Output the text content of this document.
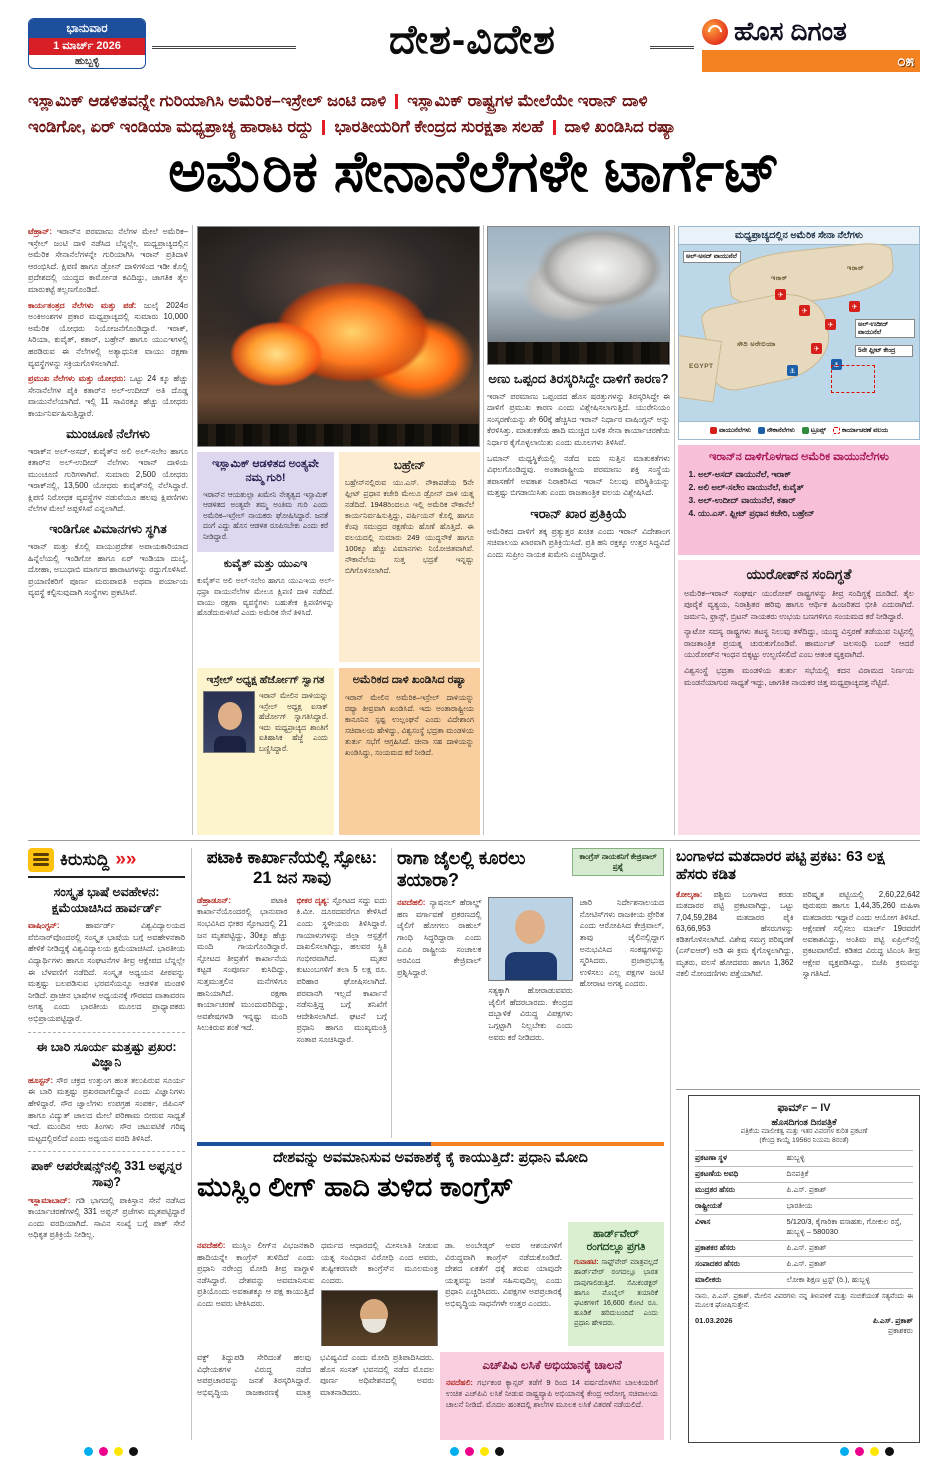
ಭಾನುವಾರ
1 ಮಾರ್ಚ್ 2026
ಹುಬ್ಬಳ್ಳಿ	ದೇಶ-ವಿದೇಶ	ಹೊಸ ದಿಗಂತ
೦೫
ಇಸ್ಲಾಮಿಕ್ ಆಡಳಿತವನ್ನೇ ಗುರಿಯಾಗಿಸಿ ಅಮೆರಿಕ–ಇಸ್ರೇಲ್ ಜಂಟಿ ದಾಳಿ ಇಸ್ಲಾಮಿಕ್ ರಾಷ್ಟ್ರಗಳ ಮೇಲೆಯೇ ಇರಾನ್ ದಾಳಿ
ಇಂಡಿಗೋ, ಏರ್ ಇಂಡಿಯಾ ಮಧ್ಯಪ್ರಾಚ್ಯ ಹಾರಾಟ ರದ್ದು ಭಾರತೀಯರಿಗೆ ಕೇಂದ್ರದ ಸುರಕ್ಷತಾ ಸಲಹೆ ದಾಳಿ ಖಂಡಿಸಿದ ರಷ್ಯಾ
ಅಮೆರಿಕ ಸೇನಾನೆಲೆಗಳೇ ಟಾರ್ಗೆಟ್

ಟೆಹ್ರಾನ್: ಇರಾನ್‌ನ ಪರಮಾಣು ನೆಲೆಗಳ ಮೇಲೆ ಅಮೆರಿಕ–ಇಸ್ರೇಲ್ ಜಂಟಿ ದಾಳಿ ನಡೆಸಿದ ಬೆನ್ನಲ್ಲೇ, ಮಧ್ಯಪ್ರಾಚ್ಯದಲ್ಲಿನ ಅಮೆರಿಕ ಸೇನಾನೆಲೆಗಳನ್ನೇ ಗುರಿಯಾಗಿಸಿ ಇರಾನ್ ಪ್ರತಿದಾಳಿ ಆರಂಭಿಸಿದೆ. ಕ್ಷಿಪಣಿ ಹಾಗೂ ಡ್ರೋನ್ ದಾಳಿಗಳಿಂದ ಇಡೀ ಕೊಲ್ಲಿ ಪ್ರದೇಶದಲ್ಲಿ ಯುದ್ಧದ ಕಾರ್ಮೋಡ ಕವಿದಿದ್ದು, ಜಾಗತಿಕ ತೈಲ ಮಾರುಕಟ್ಟೆ ತಲ್ಲಣಗೊಂಡಿದೆ.

ಕಾರ್ಯತಂತ್ರದ ನೆಲೆಗಳು ಮತ್ತು ಪಡೆ: ಜುಲೈ 2024ರ ಅಂಕಿಅಂಶಗಳ ಪ್ರಕಾರ ಮಧ್ಯಪ್ರಾಚ್ಯದಲ್ಲಿ ಸುಮಾರು 10,000 ಅಮೆರಿಕ ಯೋಧರು ನಿಯೋಜನೆಗೊಂಡಿದ್ದಾರೆ. ಇರಾಕ್, ಸಿರಿಯಾ, ಕುವೈತ್, ಕತಾರ್, ಬಹ್ರೇನ್ ಹಾಗೂ ಯುಎಇಗಳಲ್ಲಿ ಹರಡಿರುವ ಈ ನೆಲೆಗಳಲ್ಲಿ ಅತ್ಯಾಧುನಿಕ ವಾಯು ರಕ್ಷಣಾ ವ್ಯವಸ್ಥೆಗಳನ್ನು ಸಕ್ರಿಯಗೊಳಿಸಲಾಗಿದೆ.

ಪ್ರಮುಖ ನೆಲೆಗಳು ಮತ್ತು ಯೋಧರು: ಒಟ್ಟು 24 ಕ್ಕೂ ಹೆಚ್ಚು ಸೇನಾನೆಲೆಗಳ ಪೈಕಿ ಕತಾರ್‌ನ ಅಲ್-ಉದೀದ್ ಅತಿ ದೊಡ್ಡ ವಾಯುನೆಲೆಯಾಗಿದೆ. ಇಲ್ಲಿ 11 ಸಾವಿರಕ್ಕೂ ಹೆಚ್ಚು ಯೋಧರು ಕಾರ್ಯನಿರ್ವಹಿಸುತ್ತಿದ್ದಾರೆ.

ಮುಂಚೂಣಿ ನೆಲೆಗಳು

ಇರಾಕ್‌ನ ಅಲ್-ಅಸದ್, ಕುವೈತ್‌ನ ಅಲಿ ಅಲ್-ಸಲೇಂ ಹಾಗೂ ಕತಾರ್‌ನ ಅಲ್-ಉದೀದ್ ನೆಲೆಗಳು ಇರಾನ್ ದಾಳಿಯ ಮುಂಚೂಣಿ ಗುರಿಗಳಾಗಿವೆ. ಸುಮಾರು 2,500 ಯೋಧರು ಇರಾಕ್‌ನಲ್ಲಿ, 13,500 ಯೋಧರು ಕುವೈತ್‌ನಲ್ಲಿ ನೆಲೆಸಿದ್ದಾರೆ. ಕ್ಷಿಪಣಿ ನಿರೋಧಕ ವ್ಯವಸ್ಥೆಗಳ ನಡುವೆಯೂ ಹಲವು ಕ್ಷಿಪಣಿಗಳು ನೆಲೆಗಳ ಮೇಲೆ ಅಪ್ಪಳಿಸಿವೆ ಎನ್ನಲಾಗಿದೆ.

ಇಂಡಿಗೋ ವಿಮಾನಗಳು ಸ್ಥಗಿತ

ಇರಾನ್ ಮತ್ತು ಕೊಲ್ಲಿ ವಾಯುಪ್ರದೇಶ ಅಪಾಯಕಾರಿಯಾದ ಹಿನ್ನೆಲೆಯಲ್ಲಿ ಇಂಡಿಗೋ ಹಾಗೂ ಏರ್ ಇಂಡಿಯಾ ದುಬೈ, ದೋಹಾ, ಅಬುಧಾಬಿ ಮಾರ್ಗದ ಹಾರಾಟಗಳನ್ನು ರದ್ದುಗೊಳಿಸಿವೆ. ಪ್ರಯಾಣಿಕರಿಗೆ ಪೂರ್ಣ ಮರುಪಾವತಿ ಅಥವಾ ಪರ್ಯಾಯ ವ್ಯವಸ್ಥೆ ಕಲ್ಪಿಸುವುದಾಗಿ ಸಂಸ್ಥೆಗಳು ಪ್ರಕಟಿಸಿವೆ.

ಇಸ್ಲಾಮಿಕ್ ಆಡಳಿತದ ಅಂತ್ಯವೇ ನಮ್ಮ ಗುರಿ!
ಇರಾನ್‌ನ ಆಯತುಲ್ಲಾ ಖಮೇನಿ ನೇತೃತ್ವದ ಇಸ್ಲಾಮಿಕ್ ಆಡಳಿತದ ಅಂತ್ಯವೇ ತಮ್ಮ ಅಂತಿಮ ಗುರಿ ಎಂದು ಅಮೆರಿಕ–ಇಸ್ರೇಲ್ ನಾಯಕರು ಘೋಷಿಸಿದ್ದಾರೆ. ಜನತೆ ದಂಗೆ ಎದ್ದು ಹೊಸ ಆಡಳಿತ ರೂಪಿಸಬೇಕು ಎಂದು ಕರೆ ನೀಡಿದ್ದಾರೆ.
ಕುವೈತ್ ಮತ್ತು ಯುಎಇ
ಕುವೈತ್‌ನ ಅಲಿ ಅಲ್-ಸಲೇಂ ಹಾಗೂ ಯುಎಇಯ ಅಲ್-ಧಫ್ರಾ ವಾಯುನೆಲೆಗಳ ಮೇಲೂ ಕ್ಷಿಪಣಿ ದಾಳಿ ನಡೆದಿದೆ. ವಾಯು ರಕ್ಷಣಾ ವ್ಯವಸ್ಥೆಗಳು ಬಹುತೇಕ ಕ್ಷಿಪಣಿಗಳನ್ನು ಹೊಡೆದುರುಳಿಸಿವೆ ಎಂದು ಅಮೆರಿಕ ಸೇನೆ ತಿಳಿಸಿದೆ.
ಬಹ್ರೇನ್
ಬಹ್ರೇನ್‌ನಲ್ಲಿರುವ ಯು.ಎಸ್. ನೌಕಾಪಡೆಯ 5ನೇ ಫ್ಲೀಟ್ ಪ್ರಧಾನ ಕಚೇರಿ ಮೇಲೂ ಡ್ರೋನ್ ದಾಳಿ ಯತ್ನ ನಡೆದಿದೆ. 1948ರಿಂದಲೂ ಇಲ್ಲಿ ಅಮೆರಿಕ ನೌಕಾನೆಲೆ ಕಾರ್ಯನಿರ್ವಹಿಸುತ್ತಿದ್ದು, ಪರ್ಷಿಯನ್ ಕೊಲ್ಲಿ ಹಾಗೂ ಕೆಂಪು ಸಮುದ್ರದ ರಕ್ಷಣೆಯ ಹೊಣೆ ಹೊತ್ತಿದೆ. ಈ ವಲಯದಲ್ಲಿ ಸುಮಾರು 249 ಯುದ್ಧನೌಕೆ ಹಾಗೂ 100ಕ್ಕೂ ಹೆಚ್ಚು ವಿಮಾನಗಳು ನಿಯೋಜಿತವಾಗಿವೆ. ನೌಕಾನೆಲೆಯ ಸುತ್ತ ಭದ್ರತೆ ಇನ್ನಷ್ಟು ಬಿಗಿಗೊಳಿಸಲಾಗಿದೆ.
ಇಸ್ರೇಲ್ ಅಧ್ಯಕ್ಷ ಹೆರ್ಜೋಗ್ ಸ್ವಾಗತ
ಇರಾನ್ ಮೇಲಿನ ದಾಳಿಯನ್ನು ಇಸ್ರೇಲ್ ಅಧ್ಯಕ್ಷ ಐಸಾಕ್ ಹೆರ್ಜೋಗ್ ಸ್ವಾಗತಿಸಿದ್ದಾರೆ. ಇದು ಮಧ್ಯಪ್ರಾಚ್ಯದ ಶಾಂತಿಗೆ ಐತಿಹಾಸಿಕ ಹೆಜ್ಜೆ ಎಂದು ಬಣ್ಣಿಸಿದ್ದಾರೆ.
ಅಮೆರಿಕದ ದಾಳಿ ಖಂಡಿಸಿದ ರಷ್ಯಾ
ಇರಾನ್ ಮೇಲಿನ ಅಮೆರಿಕ–ಇಸ್ರೇಲ್ ದಾಳಿಯನ್ನು ರಷ್ಯಾ ತೀವ್ರವಾಗಿ ಖಂಡಿಸಿದೆ. ಇದು ಅಂತಾರಾಷ್ಟ್ರೀಯ ಕಾನೂನಿನ ಸ್ಪಷ್ಟ ಉಲ್ಲಂಘನೆ ಎಂದು ವಿದೇಶಾಂಗ ಸಚಿವಾಲಯ ಹೇಳಿದ್ದು, ವಿಶ್ವಸಂಸ್ಥೆ ಭದ್ರತಾ ಮಂಡಳಿಯ ತುರ್ತು ಸಭೆಗೆ ಆಗ್ರಹಿಸಿದೆ. ಚೀನಾ ಸಹ ದಾಳಿಯನ್ನು ಖಂಡಿಸಿದ್ದು, ಸಂಯಮದ ಕರೆ ನೀಡಿದೆ.
ಅಣು ಒಪ್ಪಂದ ತಿರಸ್ಕರಿಸಿದ್ದೇ ದಾಳಿಗೆ ಕಾರಣ?

ಇರಾನ್ ಪರಮಾಣು ಒಪ್ಪಂದದ ಹೊಸ ಷರತ್ತುಗಳನ್ನು ತಿರಸ್ಕರಿಸಿದ್ದೇ ಈ ದಾಳಿಗೆ ಪ್ರಮುಖ ಕಾರಣ ಎಂದು ವಿಶ್ಲೇಷಿಸಲಾಗುತ್ತಿದೆ. ಯುರೇನಿಯಂ ಸಂಸ್ಕರಣೆಯನ್ನು ಶೇ 60ಕ್ಕೆ ಹೆಚ್ಚಿಸಿದ ಇರಾನ್ ನಿರ್ಧಾರ ವಾಷಿಂಗ್ಟನ್ ಅನ್ನು ಕೆರಳಿಸಿತ್ತು. ಮಾತುಕತೆಯ ಹಾದಿ ಮುಚ್ಚಿದ ಬಳಿಕ ಸೇನಾ ಕಾರ್ಯಾಚರಣೆಯ ನಿರ್ಧಾರ ಕೈಗೊಳ್ಳಲಾಯಿತು ಎಂದು ಮೂಲಗಳು ತಿಳಿಸಿವೆ.

ಒಮಾನ್ ಮಧ್ಯಸ್ಥಿಕೆಯಲ್ಲಿ ನಡೆದ ಐದು ಸುತ್ತಿನ ಮಾತುಕತೆಗಳು ವಿಫಲಗೊಂಡಿದ್ದವು. ಅಂತಾರಾಷ್ಟ್ರೀಯ ಪರಮಾಣು ಶಕ್ತಿ ಸಂಸ್ಥೆಯ ತಪಾಸಣೆಗೆ ಅವಕಾಶ ನಿರಾಕರಿಸಿದ ಇರಾನ್ ನಿಲುವು ಪರಿಸ್ಥಿತಿಯನ್ನು ಮತ್ತಷ್ಟು ಬಿಗಡಾಯಿಸಿತು ಎಂದು ರಾಜತಾಂತ್ರಿಕ ವಲಯ ವಿಶ್ಲೇಷಿಸಿದೆ.

ಇರಾನ್ ಖಾರ ಪ್ರತಿಕ್ರಿಯೆ

ಅಮೆರಿಕದ ದಾಳಿಗೆ ತಕ್ಕ ಪ್ರತ್ಯುತ್ತರ ಖಚಿತ ಎಂದು ಇರಾನ್ ವಿದೇಶಾಂಗ ಸಚಿವಾಲಯ ಖಾರವಾಗಿ ಪ್ರತಿಕ್ರಿಯಿಸಿದೆ. ಪ್ರತಿ ಹನಿ ರಕ್ತಕ್ಕೂ ಉತ್ತರ ಸಿದ್ಧವಿದೆ ಎಂದು ಸುಪ್ರೀಂ ನಾಯಕ ಖಮೇನಿ ಎಚ್ಚರಿಸಿದ್ದಾರೆ.

ಮಧ್ಯಪ್ರಾಚ್ಯದಲ್ಲಿನ ಅಮೆರಿಕ ಸೇನಾ ನೆಲೆಗಳು
EGYPT
ಸೌದಿ ಅರೇಬಿಯಾ
ಇರಾಕ್
ಇರಾನ್
✈
✈
✈
✈
✈
⚓
⚓
ಅಲ್-ಅಸದ್ ವಾಯುನೆಲೆ
ಅಲ್-ಉದೀದ್ ವಾಯುನೆಲೆ
5ನೇ ಫ್ಲೀಟ್ ಕೇಂದ್ರ
ವಾಯುನೆಲೆಗಳು	ನೌಕಾನೆಲೆಗಳು	ಟ್ರೂಪ್ಸ್	ಕಾರ್ಯಾಚರಣೆ ವಲಯ
ಇರಾನ್‌ನ ದಾಳಿಗೊಳಗಾದ ಅಮೆರಿಕ ವಾಯುನೆಲೆಗಳು
1. ಅಲ್-ಅಸದ್ ವಾಯುನೆಲೆ, ಇರಾಕ್
2. ಅಲಿ ಅಲ್-ಸಲೇಂ ವಾಯುನೆಲೆ, ಕುವೈತ್
3. ಅಲ್-ಉದೀದ್ ವಾಯುನೆಲೆ, ಕತಾರ್
4. ಯು.ಎಸ್. ಫ್ಲೀಟ್ ಪ್ರಧಾನ ಕಚೇರಿ, ಬಹ್ರೇನ್
ಯುರೋಪ್‌ನ ಸಂದಿಗ್ಧತೆ

ಅಮೆರಿಕ–ಇರಾನ್ ಸಂಘರ್ಷ ಯುರೋಪ್ ರಾಷ್ಟ್ರಗಳನ್ನು ತೀವ್ರ ಸಂದಿಗ್ಧಕ್ಕೆ ದೂಡಿದೆ. ತೈಲ ಪೂರೈಕೆ ವ್ಯತ್ಯಯ, ನಿರಾಶ್ರಿತರ ಹರಿವು ಹಾಗೂ ಆರ್ಥಿಕ ಹಿಂಜರಿತದ ಭೀತಿ ಎದುರಾಗಿದೆ. ಜರ್ಮನಿ, ಫ್ರಾನ್ಸ್, ಬ್ರಿಟನ್ ನಾಯಕರು ಉಭಯ ಬಣಗಳಿಗೂ ಸಂಯಮದ ಕರೆ ನೀಡಿದ್ದಾರೆ.

ನ್ಯಾಟೋ ಸದಸ್ಯ ರಾಷ್ಟ್ರಗಳು ತಟಸ್ಥ ನಿಲುವು ತಳೆದಿದ್ದು, ಯುದ್ಧ ವಿಸ್ತರಣೆ ತಡೆಯುವ ನಿಟ್ಟಿನಲ್ಲಿ ರಾಜತಾಂತ್ರಿಕ ಪ್ರಯತ್ನ ಚುರುಕುಗೊಂಡಿವೆ. ಹಾರ್ಮುಜ್ ಜಲಸಂಧಿ ಬಂದ್ ಆದರೆ ಯುರೋಪ್‌ನ ಇಂಧನ ಬಿಕ್ಕಟ್ಟು ಉಲ್ಬಣಿಸಲಿದೆ ಎಂಬ ಆತಂಕ ವ್ಯಕ್ತವಾಗಿದೆ.

ವಿಶ್ವಸಂಸ್ಥೆ ಭದ್ರತಾ ಮಂಡಳಿಯ ತುರ್ತು ಸಭೆಯಲ್ಲಿ ಕದನ ವಿರಾಮದ ನಿರ್ಣಯ ಮಂಡನೆಯಾಗುವ ಸಾಧ್ಯತೆ ಇದ್ದು, ಜಾಗತಿಕ ನಾಯಕರ ಚಿತ್ತ ಮಧ್ಯಪ್ರಾಚ್ಯದತ್ತ ನೆಟ್ಟಿದೆ.

ಕಿರುಸುದ್ದಿ
»»
ಸಂಸ್ಕೃತ ಭಾಷೆ ಅವಹೇಳನ: ಕ್ಷಮೆಯಾಚಿಸಿದ ಹಾರ್ವರ್ಡ್

ವಾಷಿಂಗ್ಟನ್:	ಹಾರ್ವರ್ಡ್ ವಿಶ್ವವಿದ್ಯಾಲಯದ ವೆಬಿನಾರ್‌ವೊಂದರಲ್ಲಿ ಸಂಸ್ಕೃತ ಭಾಷೆಯ ಬಗ್ಗೆ ಅವಹೇಳನಕಾರಿ ಹೇಳಿಕೆ ನೀಡಿದ್ದಕ್ಕೆ ವಿಶ್ವವಿದ್ಯಾಲಯ ಕ್ಷಮೆಯಾಚಿಸಿದೆ. ಭಾರತೀಯ ವಿದ್ಯಾರ್ಥಿಗಳು ಹಾಗೂ ಸಂಘಟನೆಗಳ ತೀವ್ರ ಆಕ್ಷೇಪದ ಬೆನ್ನಲ್ಲೇ ಈ ಬೆಳವಣಿಗೆ ನಡೆದಿದೆ. ಸಂಸ್ಕೃತ ಅಧ್ಯಯನ ಪೀಠವನ್ನು ಮತ್ತಷ್ಟು ಬಲಪಡಿಸುವ ಭರವಸೆಯನ್ನೂ ಆಡಳಿತ ಮಂಡಳಿ ನೀಡಿದೆ. ಪ್ರಾಚೀನ ಭಾಷೆಗಳ ಅಧ್ಯಯನಕ್ಕೆ ಗೌರವದ ವಾತಾವರಣ ಅಗತ್ಯ ಎಂದು ಭಾರತೀಯ ಮೂಲದ ಪ್ರಾಧ್ಯಾಪಕರು ಅಭಿಪ್ರಾಯಪಟ್ಟಿದ್ದಾರೆ.

ಈ ಬಾರಿ ಸೂರ್ಯ ಮತ್ತಷ್ಟು ಪ್ರಖರ: ವಿಜ್ಞಾನಿ

ಹೂಸ್ಟನ್: ಸೌರ ಚಕ್ರದ ಉತ್ತುಂಗ ಹಂತ ತಲುಪಿರುವ ಸೂರ್ಯ ಈ ಬಾರಿ ಮತ್ತಷ್ಟು ಪ್ರಖರವಾಗಲಿದ್ದಾನೆ ಎಂದು ವಿಜ್ಞಾನಿಗಳು ಹೇಳಿದ್ದಾರೆ. ಸೌರ ಜ್ವಾಲೆಗಳು ಉಪಗ್ರಹ ಸಂಪರ್ಕ, ಜಿಪಿಎಸ್ ಹಾಗೂ ವಿದ್ಯುತ್ ಜಾಲದ ಮೇಲೆ ಪರಿಣಾಮ ಬೀರುವ ಸಾಧ್ಯತೆ ಇದೆ. ಮುಂದಿನ ಆರು ತಿಂಗಳು ಸೌರ ಚಟುವಟಿಕೆ ಗರಿಷ್ಠ ಮಟ್ಟದಲ್ಲಿರಲಿದೆ ಎಂದು ಅಧ್ಯಯನ ವರದಿ ತಿಳಿಸಿದೆ.

ಪಾಕ್ ಆಪರೇಷನ್ಸ್‌ನಲ್ಲಿ 331 ಅಫ್ಘನ್ನರ ಸಾವು?

ಇಸ್ಲಾಮಾಬಾದ್: ಗಡಿ ಭಾಗದಲ್ಲಿ ಪಾಕಿಸ್ತಾನ ಸೇನೆ ನಡೆಸಿದ ಕಾರ್ಯಾಚರಣೆಗಳಲ್ಲಿ 331 ಅಫ್ಘನ್ ಪ್ರಜೆಗಳು ಮೃತಪಟ್ಟಿದ್ದಾರೆ ಎಂದು ವರದಿಯಾಗಿದೆ. ಸಾವಿನ ಸಂಖ್ಯೆ ಬಗ್ಗೆ ಪಾಕ್ ಸೇನೆ ಅಧಿಕೃತ ಪ್ರತಿಕ್ರಿಯೆ ನೀಡಿಲ್ಲ.

ಪಟಾಕಿ ಕಾರ್ಖಾನೆಯಲ್ಲಿ ಸ್ಫೋಟ: 21 ಜನ ಸಾವು

ಡೆಹ್ರಾಡೂನ್:	ಪಟಾಕಿ ಕಾರ್ಖಾನೆಯೊಂದರಲ್ಲಿ ಭಾನುವಾರ ಸಂಭವಿಸಿದ ಭೀಕರ ಸ್ಫೋಟದಲ್ಲಿ 21 ಜನ ಮೃತಪಟ್ಟಿದ್ದು, 30ಕ್ಕೂ ಹೆಚ್ಚು ಮಂದಿ ಗಾಯಗೊಂಡಿದ್ದಾರೆ. ಸ್ಫೋಟದ ತೀವ್ರತೆಗೆ ಕಾರ್ಖಾನೆಯ ಕಟ್ಟಡ ಸಂಪೂರ್ಣ ಕುಸಿದಿದ್ದು, ಸುತ್ತಮುತ್ತಲಿನ ಮನೆಗಳಿಗೂ ಹಾನಿಯಾಗಿದೆ. ರಕ್ಷಣಾ ಕಾರ್ಯಾಚರಣೆ ಮುಂದುವರಿದಿದ್ದು, ಅವಶೇಷಗಳಡಿ ಇನ್ನಷ್ಟು ಮಂದಿ ಸಿಲುಕಿರುವ ಶಂಕೆ ಇದೆ.

ಭೀಕರ ದೃಶ್ಯ: ಸ್ಫೋಟದ ಸದ್ದು ಐದು ಕಿ.ಮೀ. ದೂರದವರೆಗೂ ಕೇಳಿಸಿದೆ ಎಂದು ಸ್ಥಳೀಯರು ತಿಳಿಸಿದ್ದಾರೆ. ಗಾಯಾಳುಗಳನ್ನು ಜಿಲ್ಲಾ ಆಸ್ಪತ್ರೆಗೆ ದಾಖಲಿಸಲಾಗಿದ್ದು, ಹಲವರ ಸ್ಥಿತಿ ಗಂಭೀರವಾಗಿದೆ. ಮೃತರ ಕುಟುಂಬಗಳಿಗೆ ತಲಾ 5 ಲಕ್ಷ ರೂ. ಪರಿಹಾರ ಘೋಷಿಸಲಾಗಿದೆ. ಪರವಾನಗಿ ಇಲ್ಲದೆ ಕಾರ್ಖಾನೆ ನಡೆಸುತ್ತಿದ್ದ ಬಗ್ಗೆ ತನಿಖೆಗೆ ಆದೇಶಿಸಲಾಗಿದೆ. ಘಟನೆ ಬಗ್ಗೆ ಪ್ರಧಾನಿ ಹಾಗೂ ಮುಖ್ಯಮಂತ್ರಿ ಸಂತಾಪ ಸೂಚಿಸಿದ್ದಾರೆ.

ರಾಗಾ ಜೈಲಲ್ಲಿ ಕೂರಲು ತಯಾರಾ?
ಕಾಂಗ್ರೆಸ್ ನಾಯಕನಿಗೆ ಕೇಜ್ರಿವಾಲ್ ಪ್ರಶ್ನೆ

ನವದೆಹಲಿ: ನ್ಯಾಷನಲ್ ಹೆರಾಲ್ಡ್ ಹಣ ವರ್ಗಾವಣೆ ಪ್ರಕರಣದಲ್ಲಿ ಜೈಲಿಗೆ ಹೋಗಲು ರಾಹುಲ್ ಗಾಂಧಿ ಸಿದ್ಧರಿದ್ದಾರಾ ಎಂದು ಎಎಪಿ ರಾಷ್ಟ್ರೀಯ ಸಂಚಾಲಕ ಅರವಿಂದ ಕೇಜ್ರಿವಾಲ್ ಪ್ರಶ್ನಿಸಿದ್ದಾರೆ.

ಸತ್ಯಕ್ಕಾಗಿ ಹೋರಾಡುವವರು ಜೈಲಿಗೆ ಹೆದರಬಾರದು. ಕೇಂದ್ರದ ದಬ್ಬಾಳಿಕೆ ವಿರುದ್ಧ ವಿಪಕ್ಷಗಳು ಒಗ್ಗಟ್ಟಾಗಿ ನಿಲ್ಲಬೇಕು ಎಂದು ಅವರು ಕರೆ ನೀಡಿದರು.

ಜಾರಿ ನಿರ್ದೇಶನಾಲಯದ ನೋಟಿಸ್‌ಗಳು ರಾಜಕೀಯ ಪ್ರೇರಿತ ಎಂದು ಆರೋಪಿಸಿದ ಕೇಜ್ರಿವಾಲ್, ತಾವು ಜೈಲಿನಲ್ಲಿದ್ದಾಗ ಅನುಭವಿಸಿದ ಸಂಕಷ್ಟಗಳನ್ನು ಸ್ಮರಿಸಿದರು. ಪ್ರಜಾಪ್ರಭುತ್ವ ಉಳಿಸಲು ಎಲ್ಲ ಪಕ್ಷಗಳ ಜಂಟಿ ಹೋರಾಟ ಅಗತ್ಯ ಎಂದರು.

ಬಂಗಾಳದ ಮತದಾರರ ಪಟ್ಟಿ ಪ್ರಕಟ: 63 ಲಕ್ಷ ಹೆಸರು ಕಡಿತ

ಕೋಲ್ಕತಾ: ಪಶ್ಚಿಮ ಬಂಗಾಳದ ಕರಡು ಮತದಾರರ ಪಟ್ಟಿ ಪ್ರಕಟವಾಗಿದ್ದು, ಒಟ್ಟು 7,04,59,284 ಮತದಾರರ ಪೈಕಿ 63,66,953 ಹೆಸರುಗಳನ್ನು ಕಡಿತಗೊಳಿಸಲಾಗಿದೆ. ವಿಶೇಷ ಸಮಗ್ರ ಪರಿಷ್ಕರಣೆ (ಎಸ್‌ಐಆರ್) ಅಡಿ ಈ ಕ್ರಮ ಕೈಗೊಳ್ಳಲಾಗಿದ್ದು, ಮೃತರು, ವಲಸೆ ಹೋದವರು ಹಾಗೂ 1,362 ನಕಲಿ ನೋಂದಣಿಗಳು ಪತ್ತೆಯಾಗಿವೆ.

ಪರಿಷ್ಕೃತ ಪಟ್ಟಿಯಲ್ಲಿ 2,60,22,642 ಪುರುಷರು ಹಾಗೂ 1,44,35,260 ಮಹಿಳಾ ಮತದಾರರು ಇದ್ದಾರೆ ಎಂದು ಆಯೋಗ ತಿಳಿಸಿದೆ. ಆಕ್ಷೇಪಣೆ ಸಲ್ಲಿಸಲು ಮಾರ್ಚ್ 19ರವರೆಗೆ ಅವಕಾಶವಿದ್ದು, ಅಂತಿಮ ಪಟ್ಟಿ ಏಪ್ರಿಲ್‌ನಲ್ಲಿ ಪ್ರಕಟವಾಗಲಿದೆ. ಕಡಿತದ ವಿರುದ್ಧ ಟಿಎಂಸಿ ತೀವ್ರ ಆಕ್ಷೇಪ ವ್ಯಕ್ತಪಡಿಸಿದ್ದು, ಬಿಜೆಪಿ ಕ್ರಮವನ್ನು ಸ್ವಾಗತಿಸಿದೆ.

ಫಾರ್ಮ್ – IV
ಹೊಸದಿಗಂತ ದಿನಪತ್ರಿಕೆ
ಪತ್ರಿಕೆಯ ಮಾಲೀಕತ್ವ ಮತ್ತು ಇತರ ವಿವರಗಳ ಕುರಿತ ಪ್ರಕಟಣೆ
(ಕೇಂದ್ರ ಕಾಯ್ದೆ 1956ರ ನಿಯಮ 8ರಂತೆ)
ಪ್ರಕಟಣಾ ಸ್ಥಳ	ಹುಬ್ಬಳ್ಳಿ
ಪ್ರಕಟಣೆಯ ಅವಧಿ	ದಿನಪತ್ರಿಕೆ
ಮುದ್ರಕರ ಹೆಸರು	ಪಿ.ಎಸ್. ಪ್ರಕಾಶ್
ರಾಷ್ಟ್ರೀಯತೆ	ಭಾರತೀಯ
ವಿಳಾಸ	5/120/3, ಕೈಗಾರಿಕಾ ವಸಾಹತು, ಗೋಕುಲ ರಸ್ತೆ, ಹುಬ್ಬಳ್ಳಿ – 580030
ಪ್ರಕಾಶಕರ ಹೆಸರು	ಪಿ.ಎಸ್. ಪ್ರಕಾಶ್
ಸಂಪಾದಕರ ಹೆಸರು	ಪಿ.ಎಸ್. ಪ್ರಕಾಶ್
ಮಾಲೀಕರು	ಲೋಕಾ ಶಿಕ್ಷಣ ಟ್ರಸ್ಟ್ (ರಿ.), ಹುಬ್ಬಳ್ಳಿ
ನಾನು, ಪಿ.ಎಸ್. ಪ್ರಕಾಶ್, ಮೇಲಿನ ವಿವರಗಳು ನನ್ನ ತಿಳುವಳಿಕೆ ಮತ್ತು ನಂಬಿಕೆಯಂತೆ ಸತ್ಯವೆಂದು ಈ ಮೂಲಕ ಘೋಷಿಸುತ್ತೇನೆ.
01.03.2026	ಪಿ.ಎಸ್. ಪ್ರಕಾಶ್
ಪ್ರಕಾಶಕರು
ದೇಶವನ್ನು ಅವಮಾನಿಸುವ ಅವಕಾಶಕ್ಕೆ ಕೈ ಕಾಯುತ್ತಿದೆ: ಪ್ರಧಾನಿ ಮೋದಿ
ಮುಸ್ಲಿಂ ಲೀಗ್ ಹಾದಿ ತುಳಿದ ಕಾಂಗ್ರೆಸ್

ನವದೆಹಲಿ: ಮುಸ್ಲಿಂ ಲೀಗ್‌ನ ವಿಭಜನಕಾರಿ ಹಾದಿಯನ್ನೇ ಕಾಂಗ್ರೆಸ್ ತುಳಿದಿದೆ ಎಂದು ಪ್ರಧಾನಿ ನರೇಂದ್ರ ಮೋದಿ ತೀವ್ರ ವಾಗ್ದಾಳಿ ನಡೆಸಿದ್ದಾರೆ. ದೇಶವನ್ನು ಅವಮಾನಿಸುವ ಪ್ರತಿಯೊಂದು ಅವಕಾಶಕ್ಕೂ ಆ ಪಕ್ಷ ಕಾಯುತ್ತಿದೆ ಎಂದು ಅವರು ಟೀಕಿಸಿದರು.

ಧರ್ಮದ ಆಧಾರದಲ್ಲಿ ಮೀಸಲಾತಿ ನೀಡುವ ಯತ್ನ ಸಂವಿಧಾನ ವಿರೋಧಿ ಎಂದ ಅವರು, ತುಷ್ಟೀಕರಣವೇ ಕಾಂಗ್ರೆಸ್‌ನ ಮೂಲಮಂತ್ರ ಎಂದರು.

ಡಾ. ಅಂಬೇಡ್ಕರ್ ಅವರ ಆಶಯಗಳಿಗೆ ವಿರುದ್ಧವಾಗಿ ಕಾಂಗ್ರೆಸ್ ನಡೆದುಕೊಂಡಿದೆ. ದೇಶದ ಏಕತೆಗೆ ಧಕ್ಕೆ ತರುವ ಯಾವುದೇ ಯತ್ನವನ್ನು ಜನತೆ ಸಹಿಸುವುದಿಲ್ಲ ಎಂದು ಪ್ರಧಾನಿ ಎಚ್ಚರಿಸಿದರು. ವಿಪಕ್ಷಗಳ ಅಪಪ್ರಚಾರಕ್ಕೆ ಅಭಿವೃದ್ಧಿಯ ಸಾಧನೆಗಳೇ ಉತ್ತರ ಎಂದರು.

ವಕ್ಫ್ ತಿದ್ದುಪಡಿ ಸೇರಿದಂತೆ ಹಲವು ವಿಧೇಯಕಗಳ ವಿರುದ್ಧ ನಡೆದ ಅಪಪ್ರಚಾರವನ್ನು ಜನತೆ ತಿರಸ್ಕರಿಸಿದ್ದಾರೆ. ಅಭಿವೃದ್ಧಿಯ ರಾಜಕಾರಣಕ್ಕೆ ಮಾತ್ರ ಭವಿಷ್ಯವಿದೆ ಎಂದು ಮೋದಿ ಪ್ರತಿಪಾದಿಸಿದರು. ಹೊಸ ಸಂಸತ್ ಭವನದಲ್ಲಿ ನಡೆದ ಮೊದಲ ಪೂರ್ಣ ಅಧಿವೇಶನದಲ್ಲಿ ಅವರು ಮಾತನಾಡಿದರು.

ಹಾರ್ಡ್‌ವೇರ್ ರಂಗದಲ್ಲೂ ಪ್ರಗತಿ

ಗುವಾಹಟಿ: ಸಾಫ್ಟ್‌ವೇರ್ ಮಾತ್ರವಲ್ಲದೆ ಹಾರ್ಡ್‌ವೇರ್ ರಂಗದಲ್ಲೂ ಭಾರತ ದಾಪುಗಾಲಿಡುತ್ತಿದೆ. ಸೆಮಿಕಂಡಕ್ಟರ್ ಹಾಗೂ ಮೊಬೈಲ್ ತಯಾರಿಕೆ ಘಟಕಗಳಿಗೆ 16,600 ಕೋಟಿ ರೂ. ಹೂಡಿಕೆ ಹರಿದುಬಂದಿದೆ ಎಂದು ಪ್ರಧಾನಿ ಹೇಳಿದರು.

ಎಚ್‌ಪಿವಿ ಲಸಿಕೆ ಅಭಿಯಾನಕ್ಕೆ ಚಾಲನೆ

ನವದೆಹಲಿ: ಗರ್ಭಕಂಠ ಕ್ಯಾನ್ಸರ್ ತಡೆಗೆ 9 ರಿಂದ 14 ವರ್ಷದೊಳಗಿನ ಬಾಲಕಿಯರಿಗೆ ಉಚಿತ ಎಚ್‌ಪಿವಿ ಲಸಿಕೆ ನೀಡುವ ರಾಷ್ಟ್ರವ್ಯಾಪಿ ಅಭಿಯಾನಕ್ಕೆ ಕೇಂದ್ರ ಆರೋಗ್ಯ ಸಚಿವಾಲಯ ಚಾಲನೆ ನೀಡಿದೆ. ಮೊದಲ ಹಂತದಲ್ಲಿ ಶಾಲೆಗಳ ಮೂಲಕ ಲಸಿಕೆ ವಿತರಣೆ ನಡೆಯಲಿದೆ.
